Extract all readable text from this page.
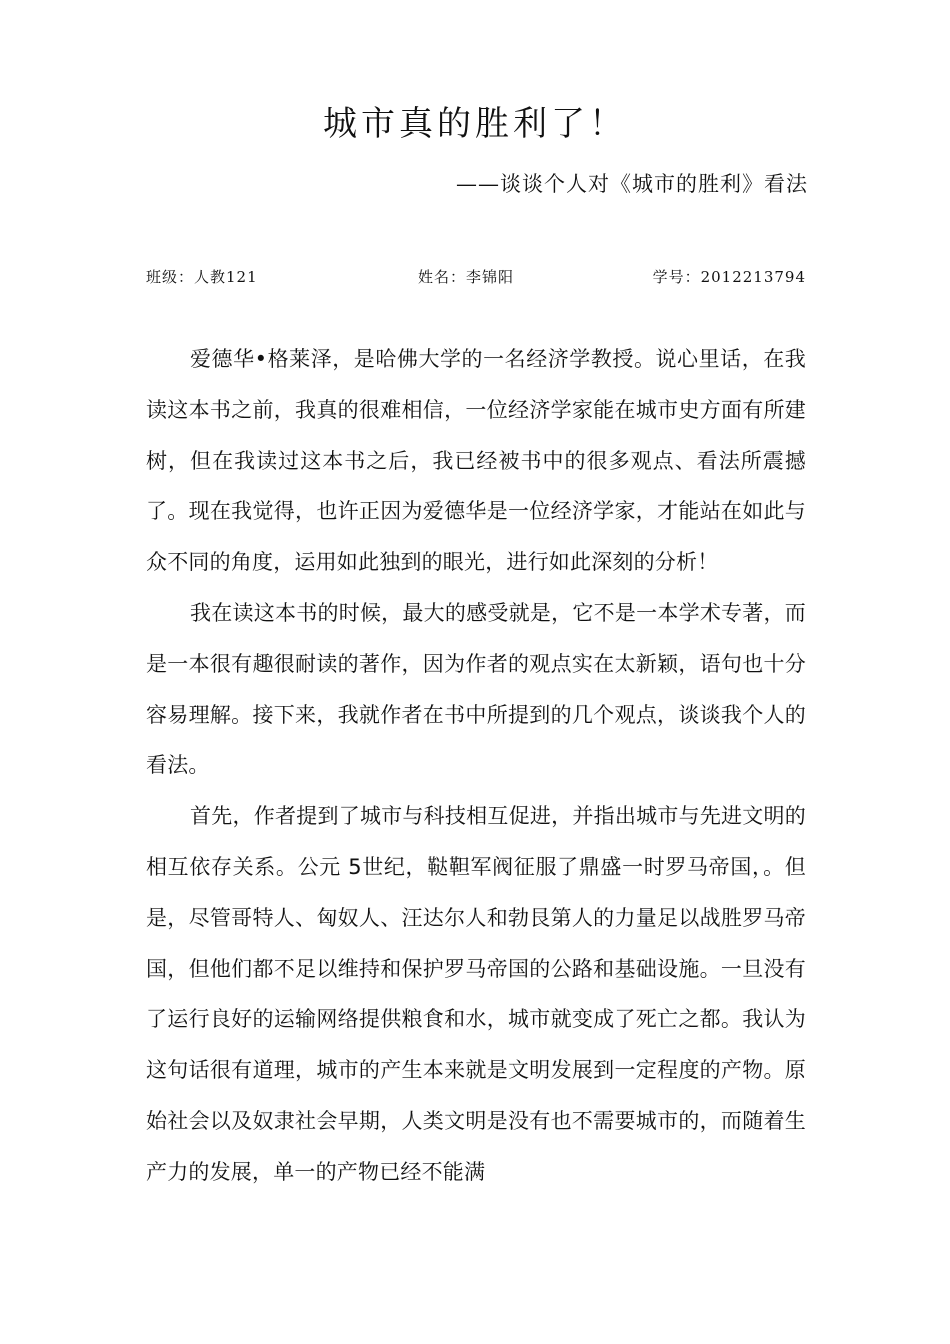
城市真的胜利了！
——谈谈个人对《城市的胜利》看法
班级：人教121	姓名：李锦阳	学号：2012213794

爱德华•格莱泽，是哈佛大学的一名经济学教授。说心里话，在我读这本书之前，我真的很难相信，一位经济学家能在城市史方面有所建树，但在我读过这本书之后，我已经被书中的很多观点、看法所震撼了。现在我觉得，也许正因为爱德华是一位经济学家，才能站在如此与众不同的角度，运用如此独到的眼光，进行如此深刻的分析！

我在读这本书的时候，最大的感受就是，它不是一本学术专著，而是一本很有趣很耐读的著作，因为作者的观点实在太新颖，语句也十分容易理解。接下来，我就作者在书中所提到的几个观点，谈谈我个人的看法。

首先，作者提到了城市与科技相互促进，并指出城市与先进文明的相互依存关系。公元 5世纪，鞑靼军阀征服了鼎盛一时罗马帝国，。但是，尽管哥特人、匈奴人、汪达尔人和勃艮第人的力量足以战胜罗马帝国，但他们都不足以维持和保护罗马帝国的公路和基础设施。一旦没有了运行良好的运输网络提供粮食和水，城市就变成了死亡之都。我认为这句话很有道理，城市的产生本来就是文明发展到一定程度的产物。原始社会以及奴隶社会早期，人类文明是没有也不需要城市的，而随着生产力的发展，单一的产物已经不能满
